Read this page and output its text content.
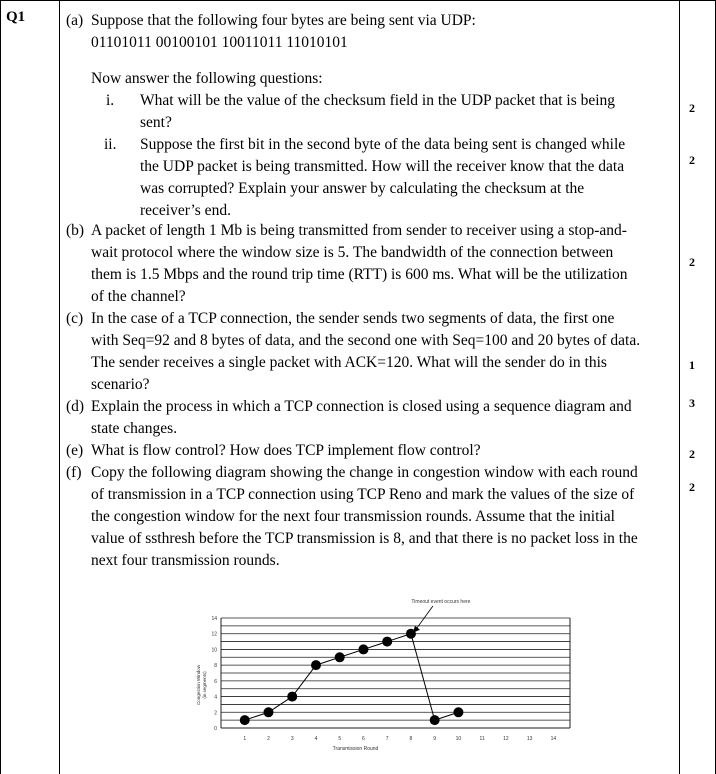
Q1	(a) Suppose that the following four bytes are being sent via UDP:
01101011 00100101 10011011 11010101
Now answer the following questions:
i. What will be the value of the checksum field in the UDP packet that is being
sent?
ii. Suppose the first bit in the second byte of the data being sent is changed while
the UDP packet is being transmitted. How will the receiver know that the data
was corrupted? Explain your answer by calculating the checksum at the
receiver’s end.
(b) A packet of length 1 Mb is being transmitted from sender to receiver using a stop-and-
wait protocol where the window size is 5. The bandwidth of the connection between
them is 1.5 Mbps and the round trip time (RTT) is 600 ms. What will be the utilization
of the channel?
(c) In the case of a TCP connection, the sender sends two segments of data, the first one
with Seq=92 and 8 bytes of data, and the second one with Seq=100 and 20 bytes of data.
The sender receives a single packet with ACK=120. What will the sender do in this
scenario?
(d) Explain the process in which a TCP connection is closed using a sequence diagram and
state changes.
(e) What is flow control? How does TCP implement flow control?
(f) Copy the following diagram showing the change in congestion window with each round
of transmission in a TCP connection using TCP Reno and mark the values of the size of
the congestion window for the next four transmission rounds. Assume that the initial
value of ssthresh before the TCP transmission is 8, and that there is no packet loss in the
next four transmission rounds.
2
2
2
1
3
2
2
0
2
4
6
8
10
12
14
1	2	3	4	5	6	7	8	9	10	11	12	13	14
Transmission Round
Congestion Window (in segments)
Timeout event occurs here
